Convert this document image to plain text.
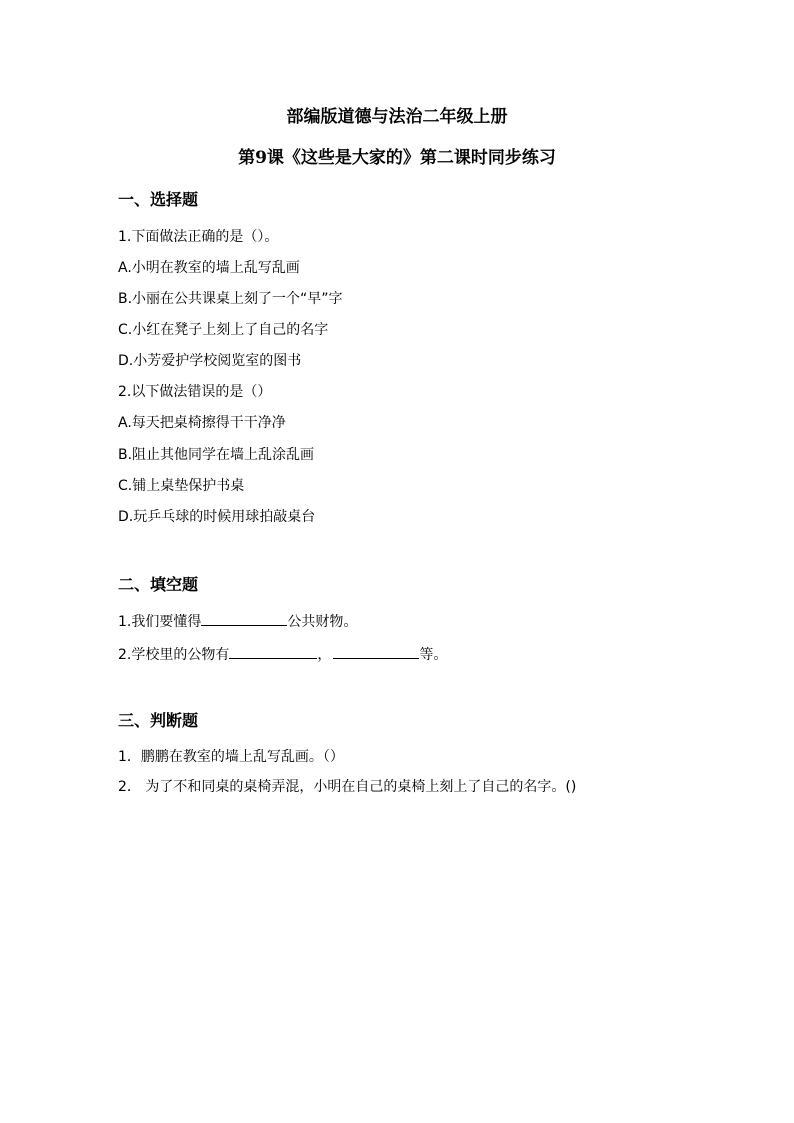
部编版道德与法治二年级上册
第9课《这些是大家的》第二课时同步练习
一、选择题
1.下面做法正确的是（）。
A.小明在教室的墙上乱写乱画
B.小丽在公共课桌上刻了一个“早”字
C.小红在凳子上刻上了自己的名字
D.小芳爱护学校阅览室的图书
2.以下做法错误的是（）
A.每天把桌椅擦得干干净净
B.阻止其他同学在墙上乱涂乱画
C.铺上桌垫保护书桌
D.玩乒乓球的时候用球拍敲桌台
二、填空题
1.我们要懂得	公共财物。
2.学校里的公物有	，	等。
三、判断题
1．鹏鹏在教室的墙上乱写乱画。（）
2． 为了不和同桌的桌椅弄混，小明在自己的桌椅上刻上了自己的名字。()
